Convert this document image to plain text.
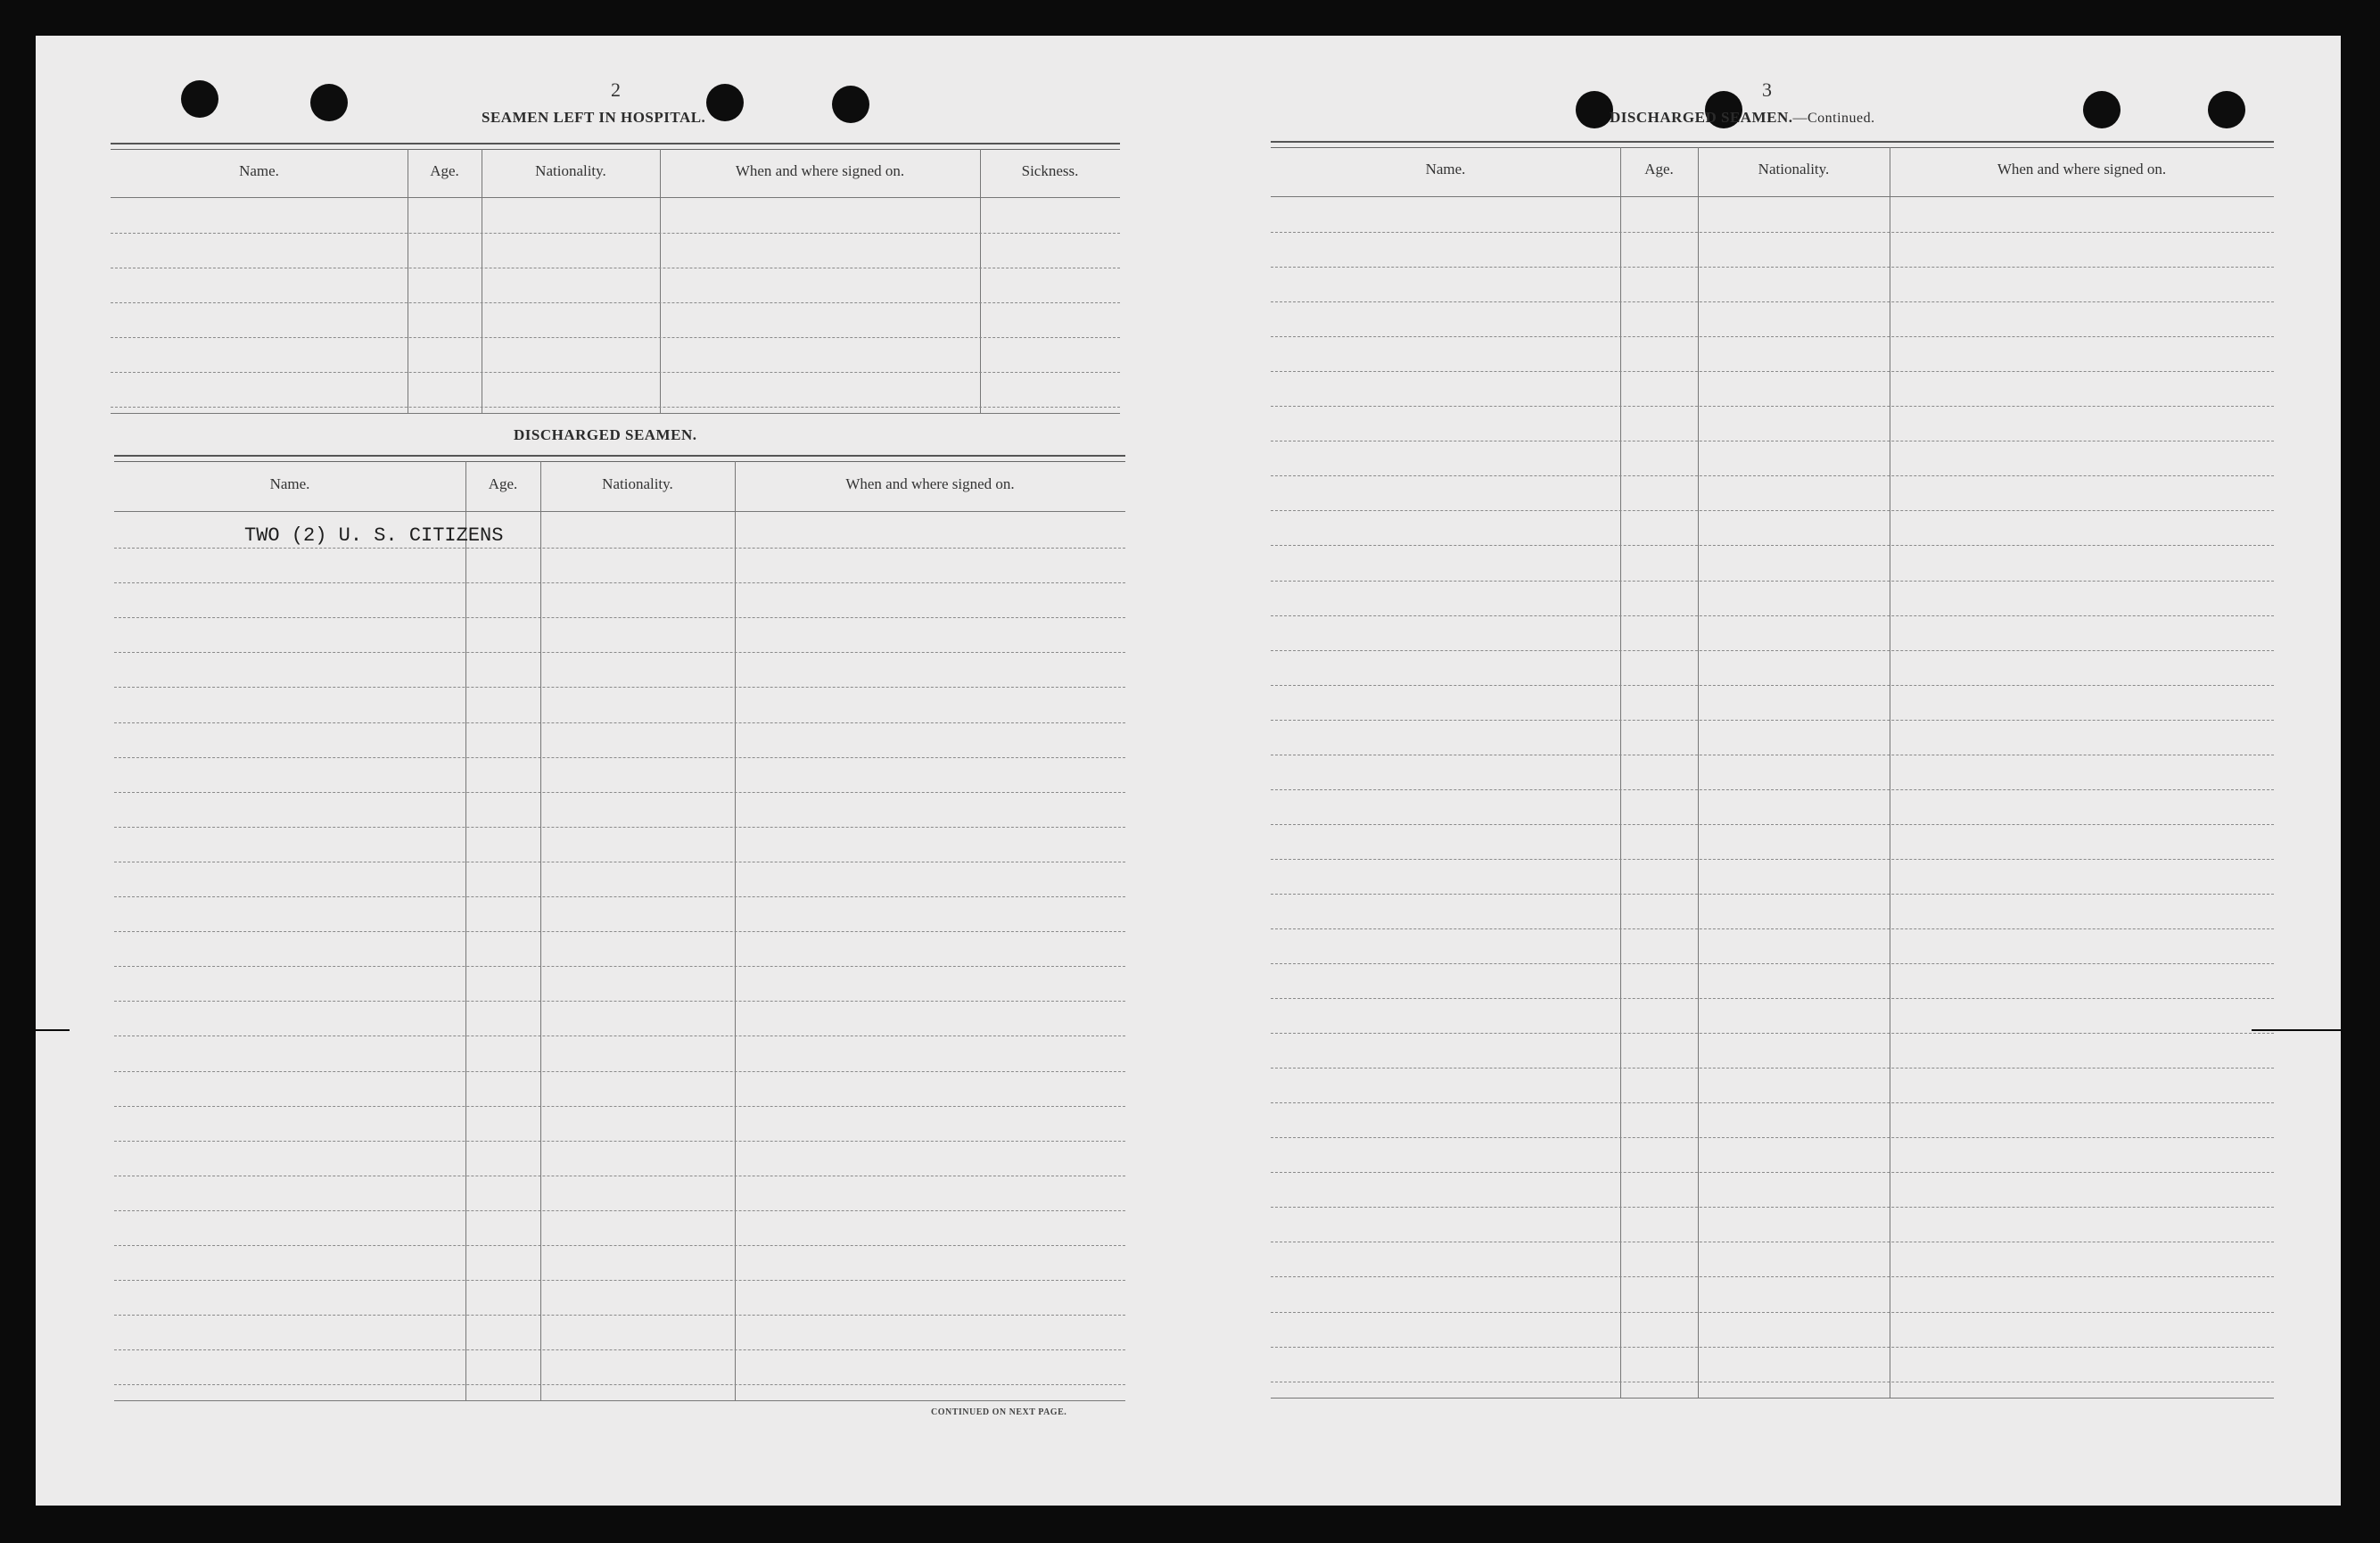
2
SEAMEN LEFT IN HOSPITAL.
Name.	Age.	Nationality.	When and where signed on.	Sickness.
DISCHARGED SEAMEN.
Name.	Age.	Nationality.	When and where signed on.
TWO (2) U. S. CITIZENS
CONTINUED ON NEXT PAGE.
3
DISCHARGED SEAMEN.—Continued.
Name.	Age.	Nationality.	When and where signed on.
